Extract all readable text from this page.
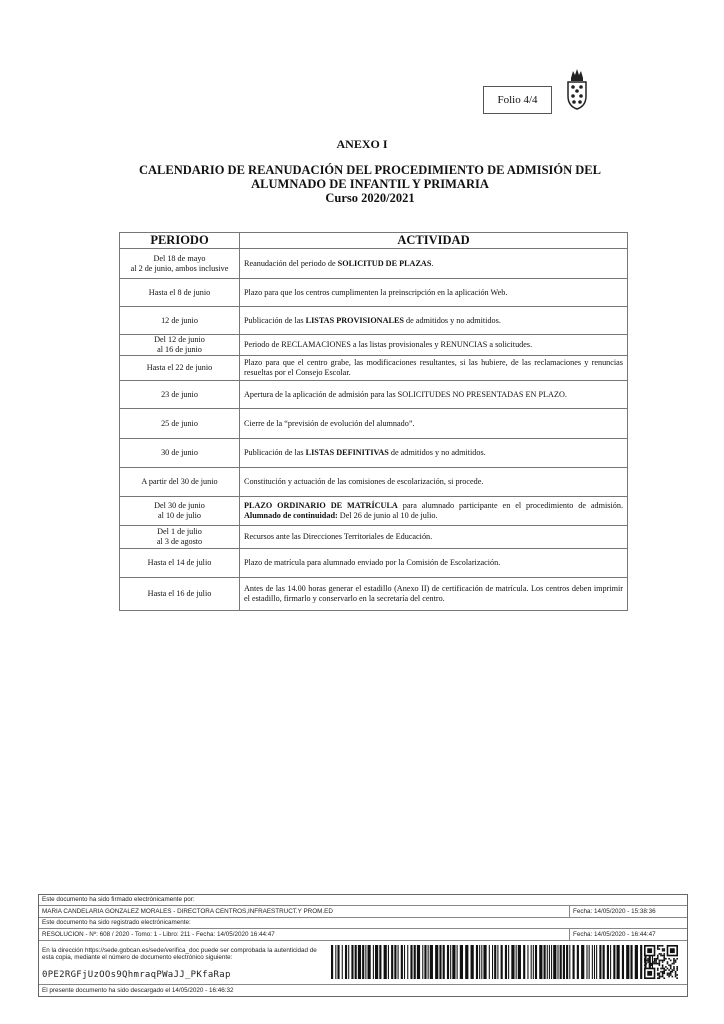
Folio 4/4
ANEXO I
CALENDARIO DE REANUDACIÓN DEL PROCEDIMIENTO DE ADMISIÓN DEL
ALUMNADO DE INFANTIL Y PRIMARIA
Curso 2020/2021
PERIODO	ACTIVIDAD

Del 18 de mayo
al 2 de junio, ambos inclusive	Reanudación del periodo de SOLICITUD DE PLAZAS.

Hasta el 8 de junio	Plazo para que los centros cumplimenten la preinscripción en la aplicación Web.

12 de junio	Publicación de las LISTAS PROVISIONALES de admitidos y no admitidos.

Del 12 de junio
al 16 de junio	Periodo de RECLAMACIONES a las listas provisionales y RENUNCIAS a solicitudes.

Hasta el 22 de junio	Plazo para que el centro grabe, las modificaciones resultantes, si las hubiere, de las reclamaciones y renuncias resueltas por el Consejo Escolar.

23 de junio	Apertura de la aplicación de admisión para las SOLICITUDES NO PRESENTADAS EN PLAZO.

25 de junio	Cierre de la “previsión de evolución del alumnado”.

30 de junio	Publicación de las LISTAS DEFINITIVAS de admitidos y no admitidos.

A partir del 30 de junio	Constitución y actuación de las comisiones de escolarización, si procede.

Del 30 de junio
al 10 de julio	PLAZO ORDINARIO DE MATRÍCULA para alumnado participante en el procedimiento de admisión. Alumnado de continuidad: Del 26 de junio al 10 de julio.

Del 1 de julio
al 3 de agosto	Recursos ante las Direcciones Territoriales de Educación.

Hasta el 14 de julio	Plazo de matrícula para alumnado enviado por la Comisión de Escolarización.

Hasta el 16 de julio	Antes de las 14.00 horas generar el estadillo (Anexo II) de certificación de matrícula. Los centros deben imprimir el estadillo, firmarlo y conservarlo en la secretaría del centro.
Este documento ha sido firmado electrónicamente por:
MARIA CANDELARIA GONZALEZ MORALES - DIRECTORA CENTROS,INFRAESTRUCT.Y PROM.ED	Fecha: 14/05/2020 - 15:38:36
Este documento ha sido registrado electrónicamente:
RESOLUCION - Nº: 608 / 2020 - Tomo: 1 - Libro: 211 - Fecha: 14/05/2020 16:44:47	Fecha: 14/05/2020 - 16:44:47
En la dirección https://sede.gobcan.es/sede/verifica_doc puede ser comprobada la autenticidad de esta copia, mediante el número de documento electrónico siguiente:
0PE2RGFjUzOOs9QhmraqPWaJJ_PKfaRap
El presente documento ha sido descargado el 14/05/2020 - 16:46:32
